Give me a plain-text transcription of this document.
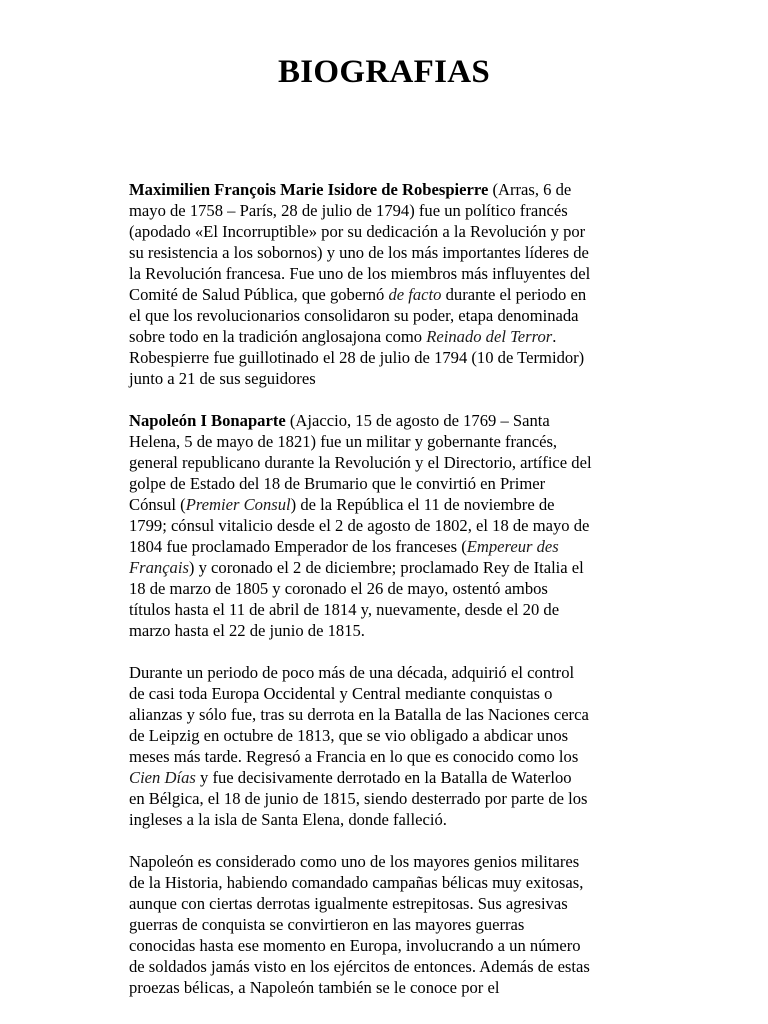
BIOGRAFIAS

Maximilien François Marie Isidore de Robespierre (Arras, 6 de
mayo de 1758 – París, 28 de julio de 1794) fue un político francés
(apodado «El Incorruptible» por su dedicación a la Revolución y por
su resistencia a los sobornos) y uno de los más importantes líderes de
la Revolución francesa. Fue uno de los miembros más influyentes del
Comité de Salud Pública, que gobernó de facto durante el periodo en
el que los revolucionarios consolidaron su poder, etapa denominada
sobre todo en la tradición anglosajona como Reinado del Terror.
Robespierre fue guillotinado el 28 de julio de 1794 (10 de Termidor)
junto a 21 de sus seguidores

Napoleón I Bonaparte (Ajaccio, 15 de agosto de 1769 – Santa
Helena, 5 de mayo de 1821) fue un militar y gobernante francés,
general republicano durante la Revolución y el Directorio, artífice del
golpe de Estado del 18 de Brumario que le convirtió en Primer
Cónsul (Premier Consul) de la República el 11 de noviembre de
1799; cónsul vitalicio desde el 2 de agosto de 1802, el 18 de mayo de
1804 fue proclamado Emperador de los franceses (Empereur des
Français) y coronado el 2 de diciembre; proclamado Rey de Italia el
18 de marzo de 1805 y coronado el 26 de mayo, ostentó ambos
títulos hasta el 11 de abril de 1814 y, nuevamente, desde el 20 de
marzo hasta el 22 de junio de 1815.

Durante un periodo de poco más de una década, adquirió el control
de casi toda Europa Occidental y Central mediante conquistas o
alianzas y sólo fue, tras su derrota en la Batalla de las Naciones cerca
de Leipzig en octubre de 1813, que se vio obligado a abdicar unos
meses más tarde. Regresó a Francia en lo que es conocido como los
Cien Días y fue decisivamente derrotado en la Batalla de Waterloo
en Bélgica, el 18 de junio de 1815, siendo desterrado por parte de los
ingleses a la isla de Santa Elena, donde falleció.

Napoleón es considerado como uno de los mayores genios militares
de la Historia, habiendo comandado campañas bélicas muy exitosas,
aunque con ciertas derrotas igualmente estrepitosas. Sus agresivas
guerras de conquista se convirtieron en las mayores guerras
conocidas hasta ese momento en Europa, involucrando a un número
de soldados jamás visto en los ejércitos de entonces. Además de estas
proezas bélicas, a Napoleón también se le conoce por el
